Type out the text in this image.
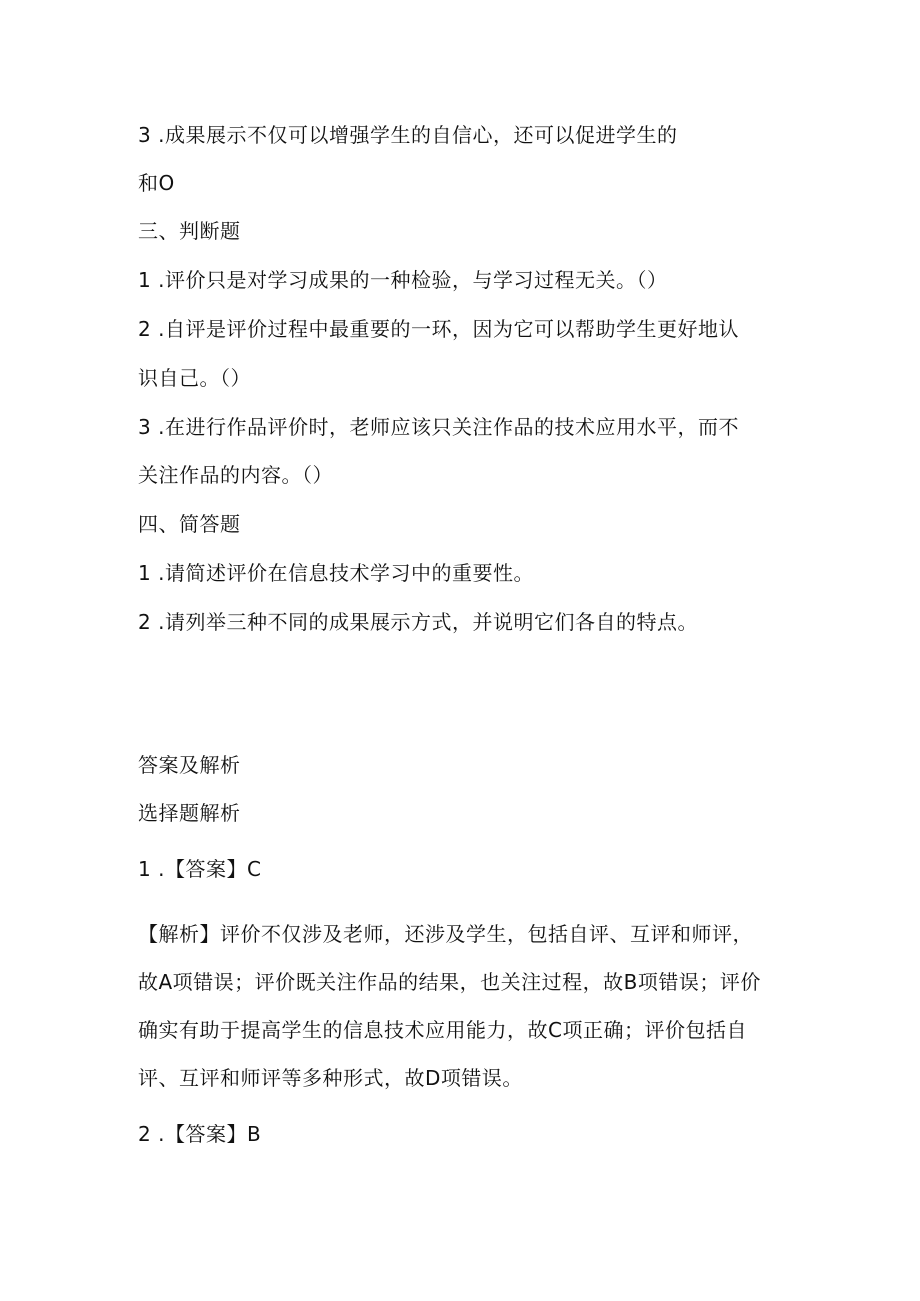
3 .成果展示不仅可以增强学生的自信心，还可以促进学生的
和O
三、判断题
1 .评价只是对学习成果的一种检验，与学习过程无关。（）
2 .自评是评价过程中最重要的一环，因为它可以帮助学生更好地认
识自己。（）
3 .在进行作品评价时，老师应该只关注作品的技术应用水平，而不
关注作品的内容。（）
四、简答题
1 .请简述评价在信息技术学习中的重要性。
2 .请列举三种不同的成果展示方式，并说明它们各自的特点。
答案及解析
选择题解析
1 .【答案】C
【解析】评价不仅涉及老师，还涉及学生，包括自评、互评和师评，
故A项错误；评价既关注作品的结果，也关注过程，故B项错误；评价
确实有助于提高学生的信息技术应用能力，故C项正确；评价包括自
评、互评和师评等多种形式，故D项错误。
2 .【答案】B
